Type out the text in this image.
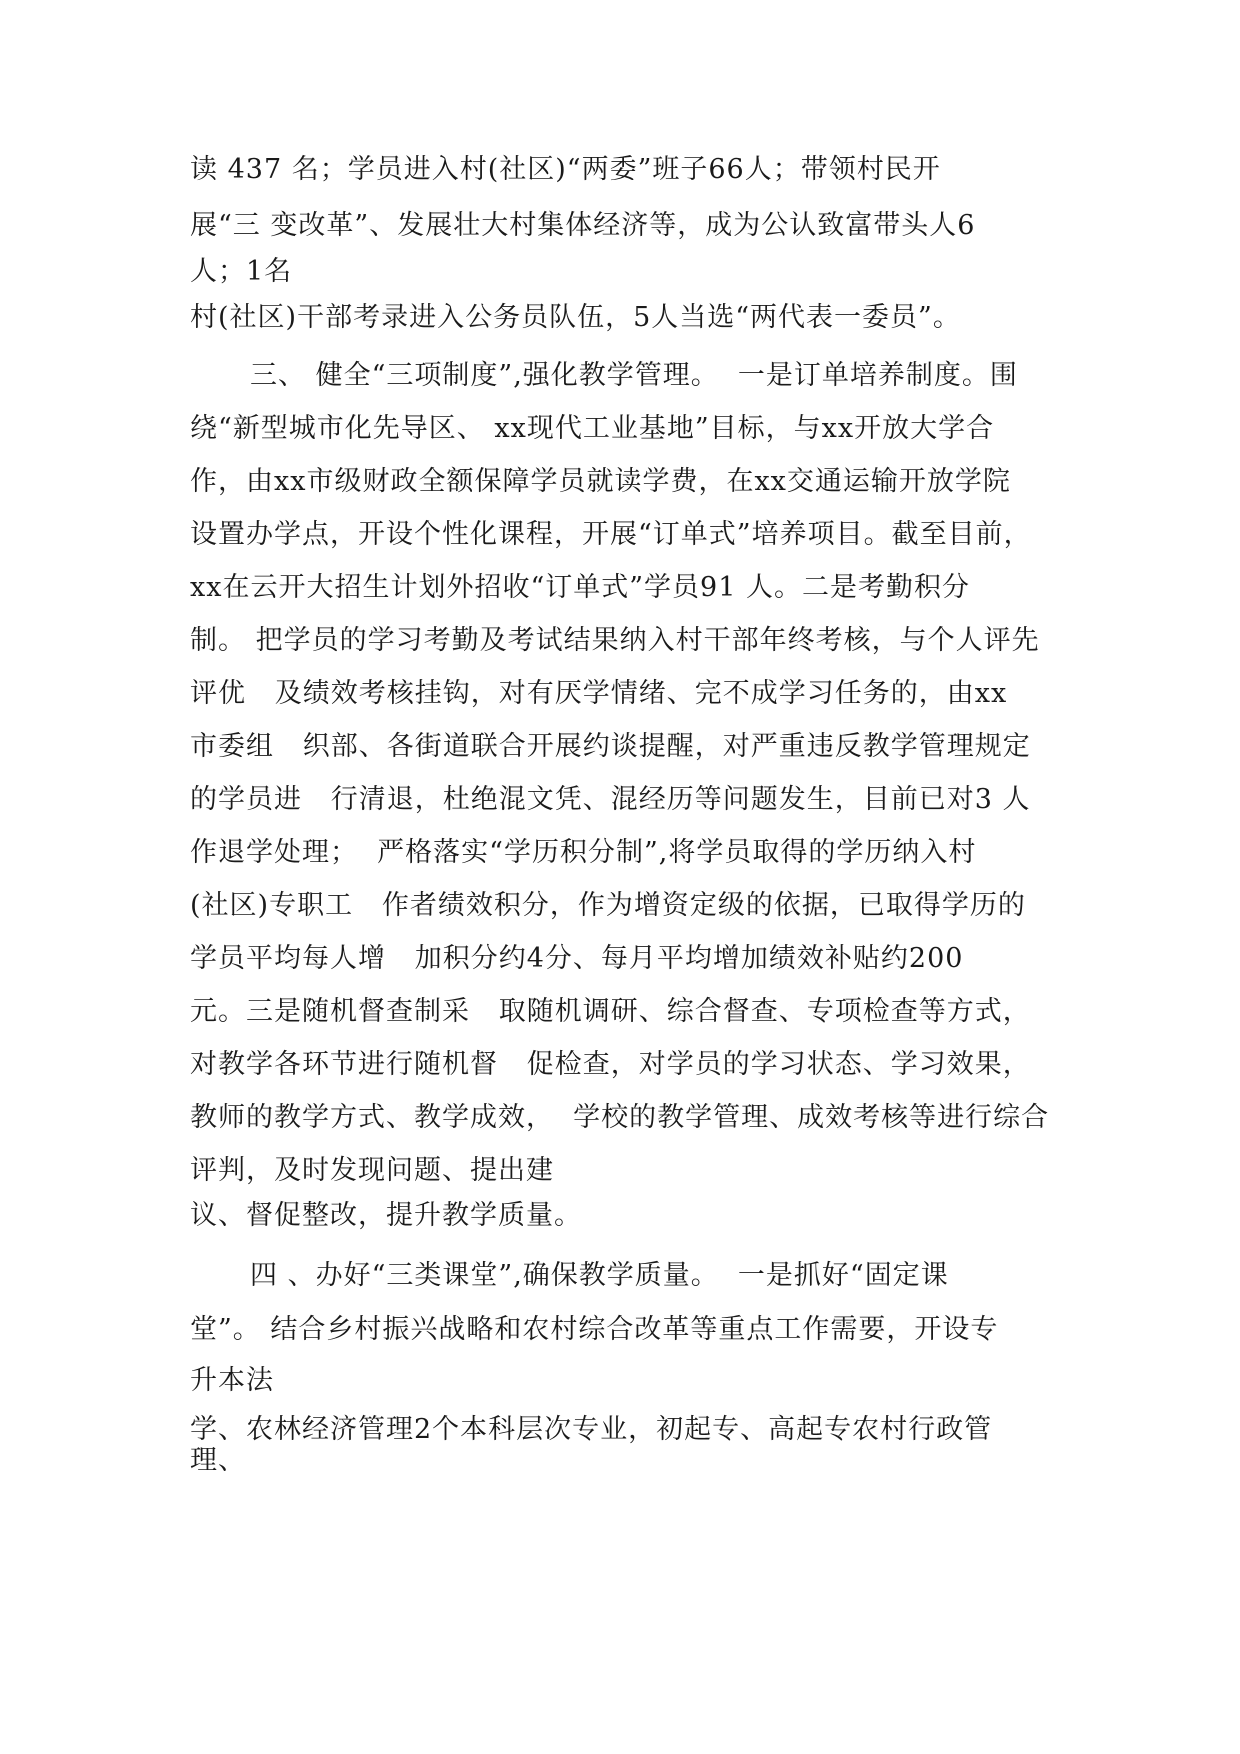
读 437 名；学员进入村(社区)“两委”班子66人；带领村民开
展“三 变改革”、发展壮大村集体经济等，成为公认致富带头人6
人；1名
村(社区)干部考录进入公务员队伍，5人当选“两代表一委员”。
三、 健全“三项制度”,强化教学管理。  一是订单培养制度。围
绕“新型城市化先导区、 xx现代工业基地”目标，与xx开放大学合
作，由xx市级财政全额保障学员就读学费，在xx交通运输开放学院
设置办学点，开设个性化课程，开展“订单式”培养项目。截至目前，
xx在云开大招生计划外招收“订单式”学员91 人。二是考勤积分
制。 把学员的学习考勤及考试结果纳入村干部年终考核，与个人评先
评优   及绩效考核挂钩，对有厌学情绪、完不成学习任务的，由xx
市委组   织部、各街道联合开展约谈提醒，对严重违反教学管理规定
的学员进   行清退，杜绝混文凭、混经历等问题发生，目前已对3 人
作退学处理；  严格落实“学历积分制”,将学员取得的学历纳入村
(社区)专职工   作者绩效积分，作为增资定级的依据，已取得学历的
学员平均每人增   加积分约4分、每月平均增加绩效补贴约200
元。三是随机督查制采   取随机调研、综合督查、专项检查等方式，
对教学各环节进行随机督   促检查，对学员的学习状态、学习效果，
教师的教学方式、教学成效，  学校的教学管理、成效考核等进行综合
评判，及时发现问题、提出建
议、督促整改，提升教学质量。
四 、办好“三类课堂”,确保教学质量。  一是抓好“固定课
堂”。 结合乡村振兴战略和农村综合改革等重点工作需要，开设专
升本法
学、农林经济管理2个本科层次专业，初起专、高起专农村行政管
理、
